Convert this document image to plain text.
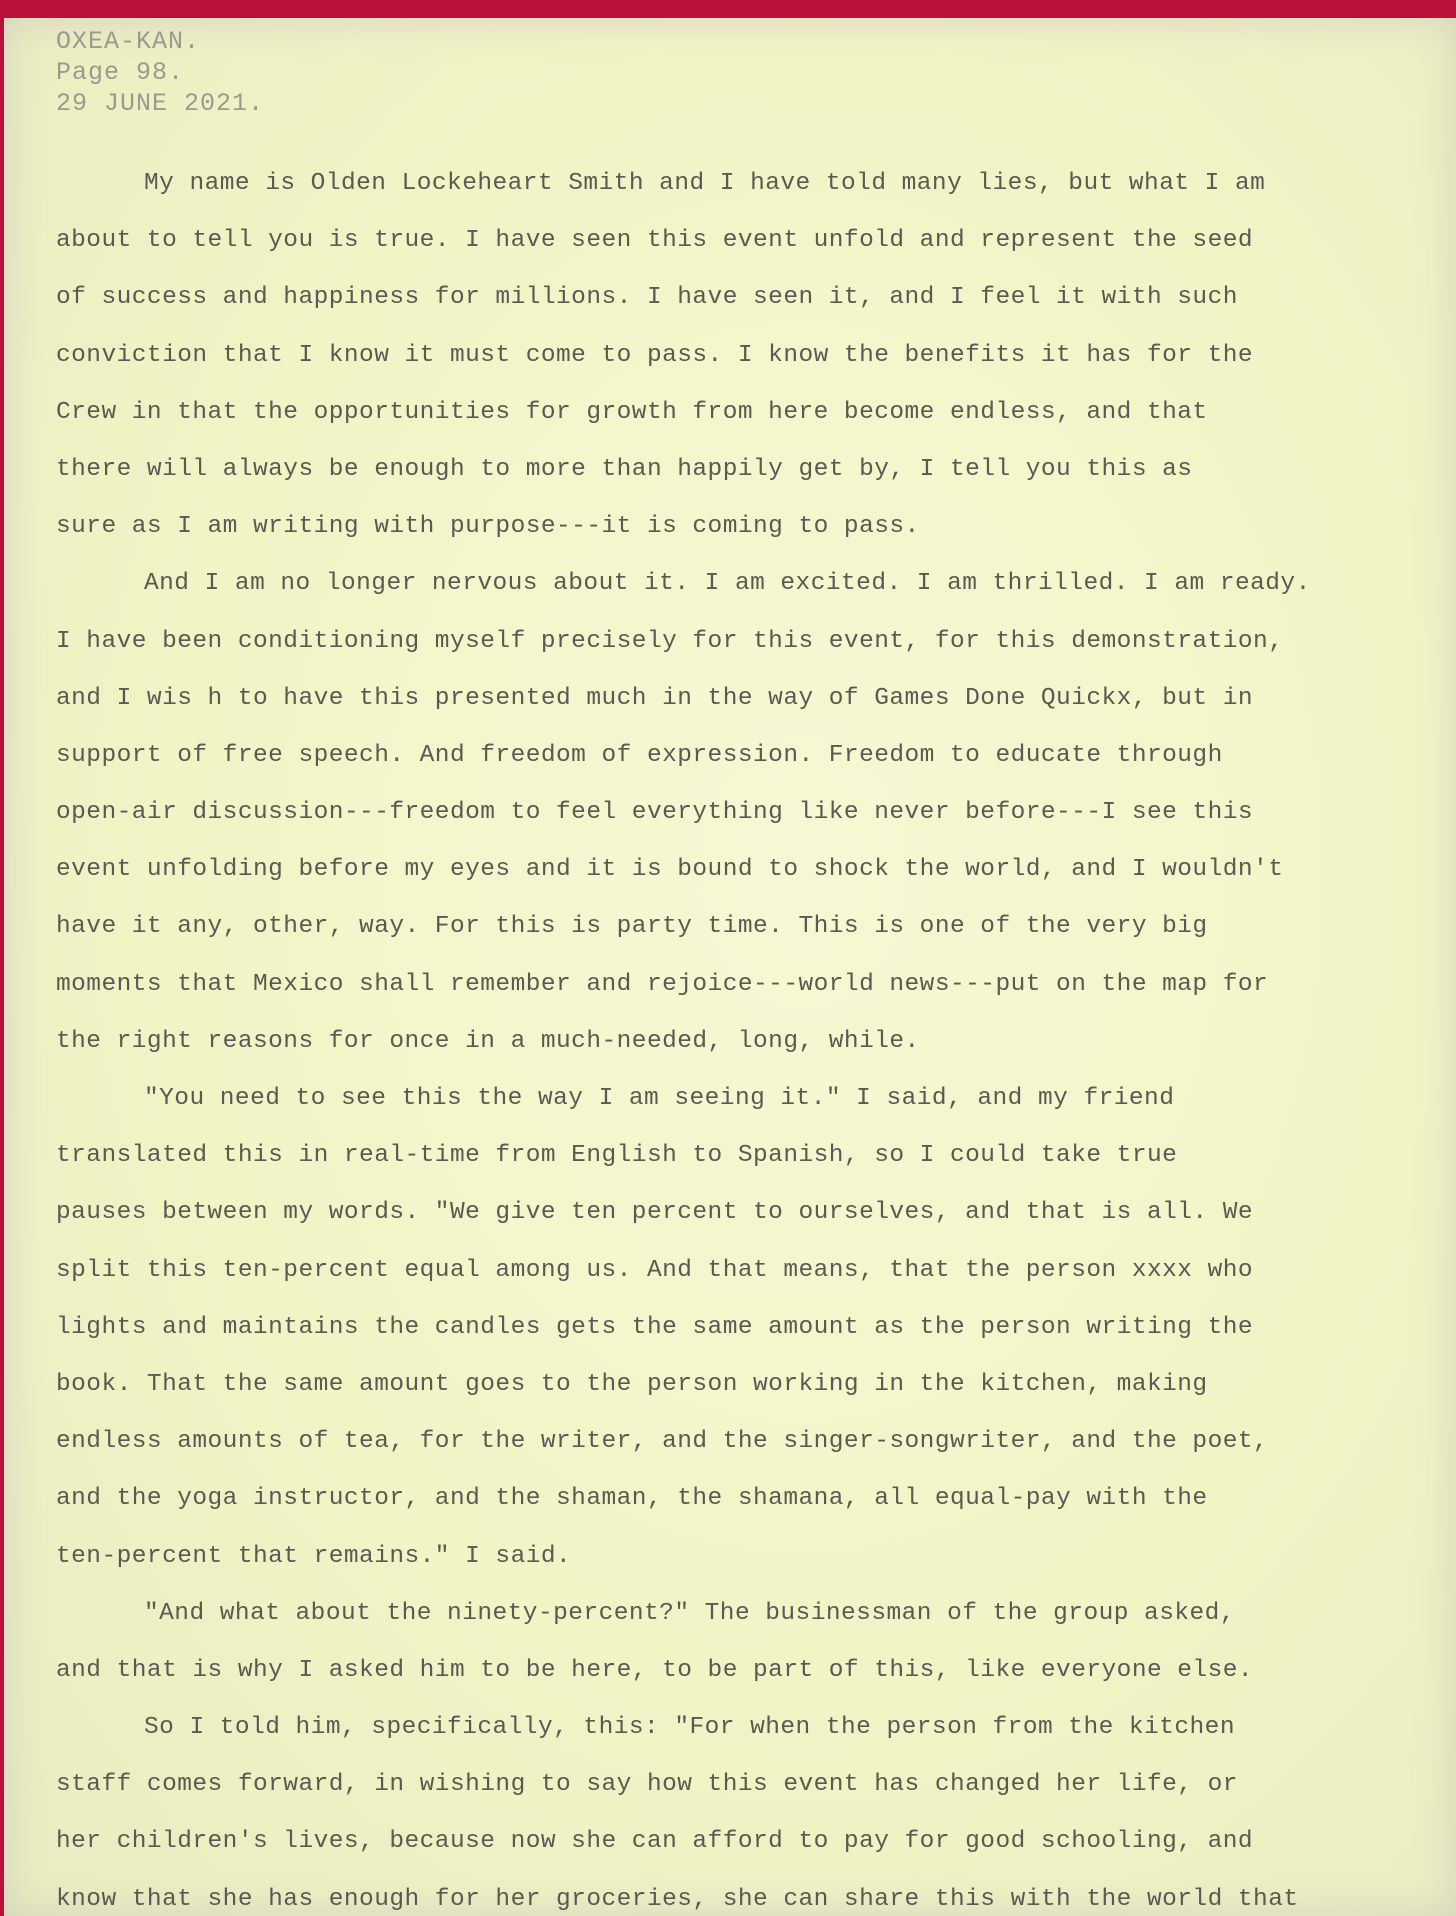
OXEA-KAN.
Page 98.
29 JUNE 2021.
My name is Olden Lockeheart Smith and I have told many lies, but what I am
about to tell you is true. I have seen this event unfold and represent the seed
of success and happiness for millions. I have seen it, and I feel it with such
conviction that I know it must come to pass. I know the benefits it has for the
Crew in that the opportunities for growth from here become endless, and that
there will always be enough to more than happily get by, I tell you this as
sure as I am writing with purpose---it is coming to pass.
And I am no longer nervous about it. I am excited. I am thrilled. I am ready.
I have been conditioning myself precisely for this event, for this demonstration,
and I wis h to have this presented much in the way of Games Done Quickx, but in
support of free speech. And freedom of expression. Freedom to educate through
open-air discussion---freedom to feel everything like never before---I see this
event unfolding before my eyes and it is bound to shock the world, and I wouldn't
have it any, other, way. For this is party time. This is one of the very big
moments that Mexico shall remember and rejoice---world news---put on the map for
the right reasons for once in a much-needed, long, while.
"You need to see this the way I am seeing it." I said, and my friend
translated this in real-time from English to Spanish, so I could take true
pauses between my words. "We give ten percent to ourselves, and that is all. We
split this ten-percent equal among us. And that means, that the person xxxx who
lights and maintains the candles gets the same amount as the person writing the
book. That the same amount goes to the person working in the kitchen, making
endless amounts of tea, for the writer, and the singer-songwriter, and the poet,
and the yoga instructor, and the shaman, the shamana, all equal-pay with the
ten-percent that remains." I said.
"And what about the ninety-percent?" The businessman of the group asked,
and that is why I asked him to be here, to be part of this, like everyone else.
So I told him, specifically, this: "For when the person from the kitchen
staff comes forward, in wishing to say how this event has changed her life, or
her children's lives, because now she can afford to pay for good schooling, and
know that she has enough for her groceries, she can share this with the world that
